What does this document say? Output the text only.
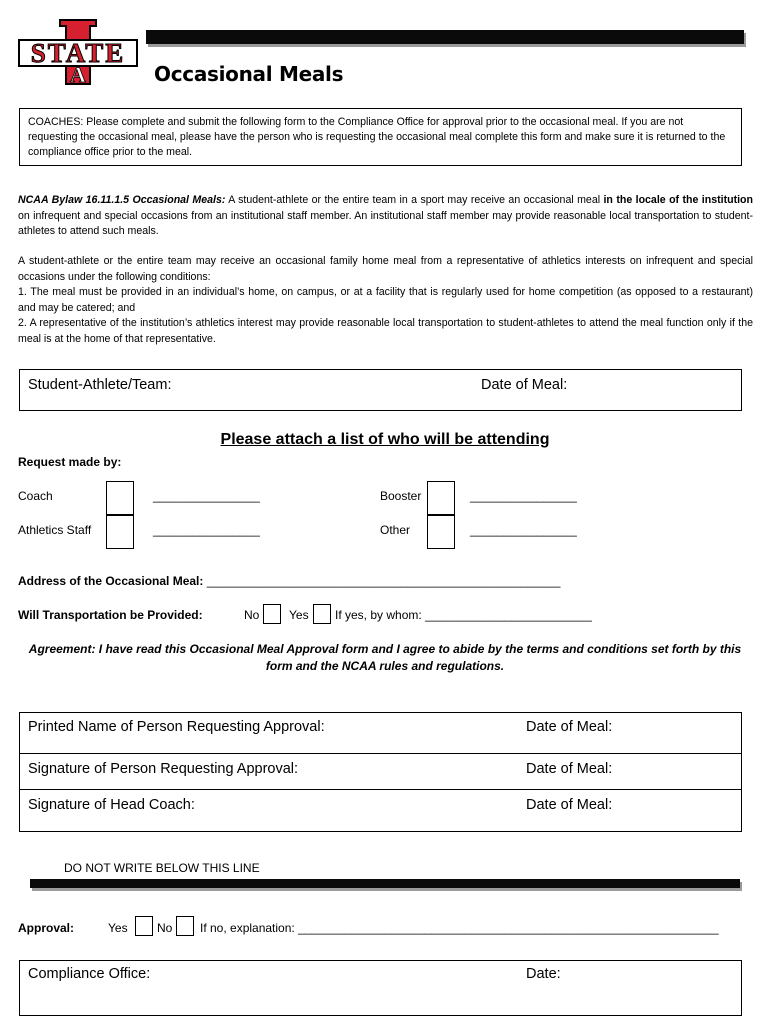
STATE
A	Occasional Meals
COACHES: Please complete and submit the following form to the Compliance Office for approval prior to the occasional meal. If you are not requesting the occasional meal, please have the person who is requesting the occasional meal complete this form and make sure it is returned to the compliance office prior to the meal.
NCAA Bylaw 16.11.1.5 Occasional Meals: A student-athlete or the entire team in a sport may receive an occasional meal in the locale of the institution on infrequent and special occasions from an institutional staff member. An institutional staff member may provide reasonable local transportation to student-athletes to attend such meals.
A student-athlete or the entire team may receive an occasional family home meal from a representative of athletics interests on infrequent and special occasions under the following conditions:
1. The meal must be provided in an individual’s home, on campus, or at a facility that is regularly used for home competition (as opposed to a restaurant) and may be catered; and
2. A representative of the institution’s athletics interest may provide reasonable local transportation to student-athletes to attend the meal function only if the meal is at the home of that representative.
Student-Athlete/Team:	Date of Meal:
Please attach a list of who will be attending
Request made by:
Coach	________________	Booster	________________
Athletics Staff	________________	Other	________________
Address of the Occasional Meal: _____________________________________________________
Will Transportation be Provided:	No Yes If yes, by whom: _________________________
Agreement: I have read this Occasional Meal Approval form and I agree to abide by the terms and conditions set forth by this form and the NCAA rules and regulations.
Printed Name of Person Requesting Approval:	Date of Meal:
Signature of Person Requesting Approval:	Date of Meal:
Signature of Head Coach:	Date of Meal:
DO NOT WRITE BELOW THIS LINE
Approval:	Yes No If no, explanation: _______________________________________________________________
Compliance Office:	Date:
